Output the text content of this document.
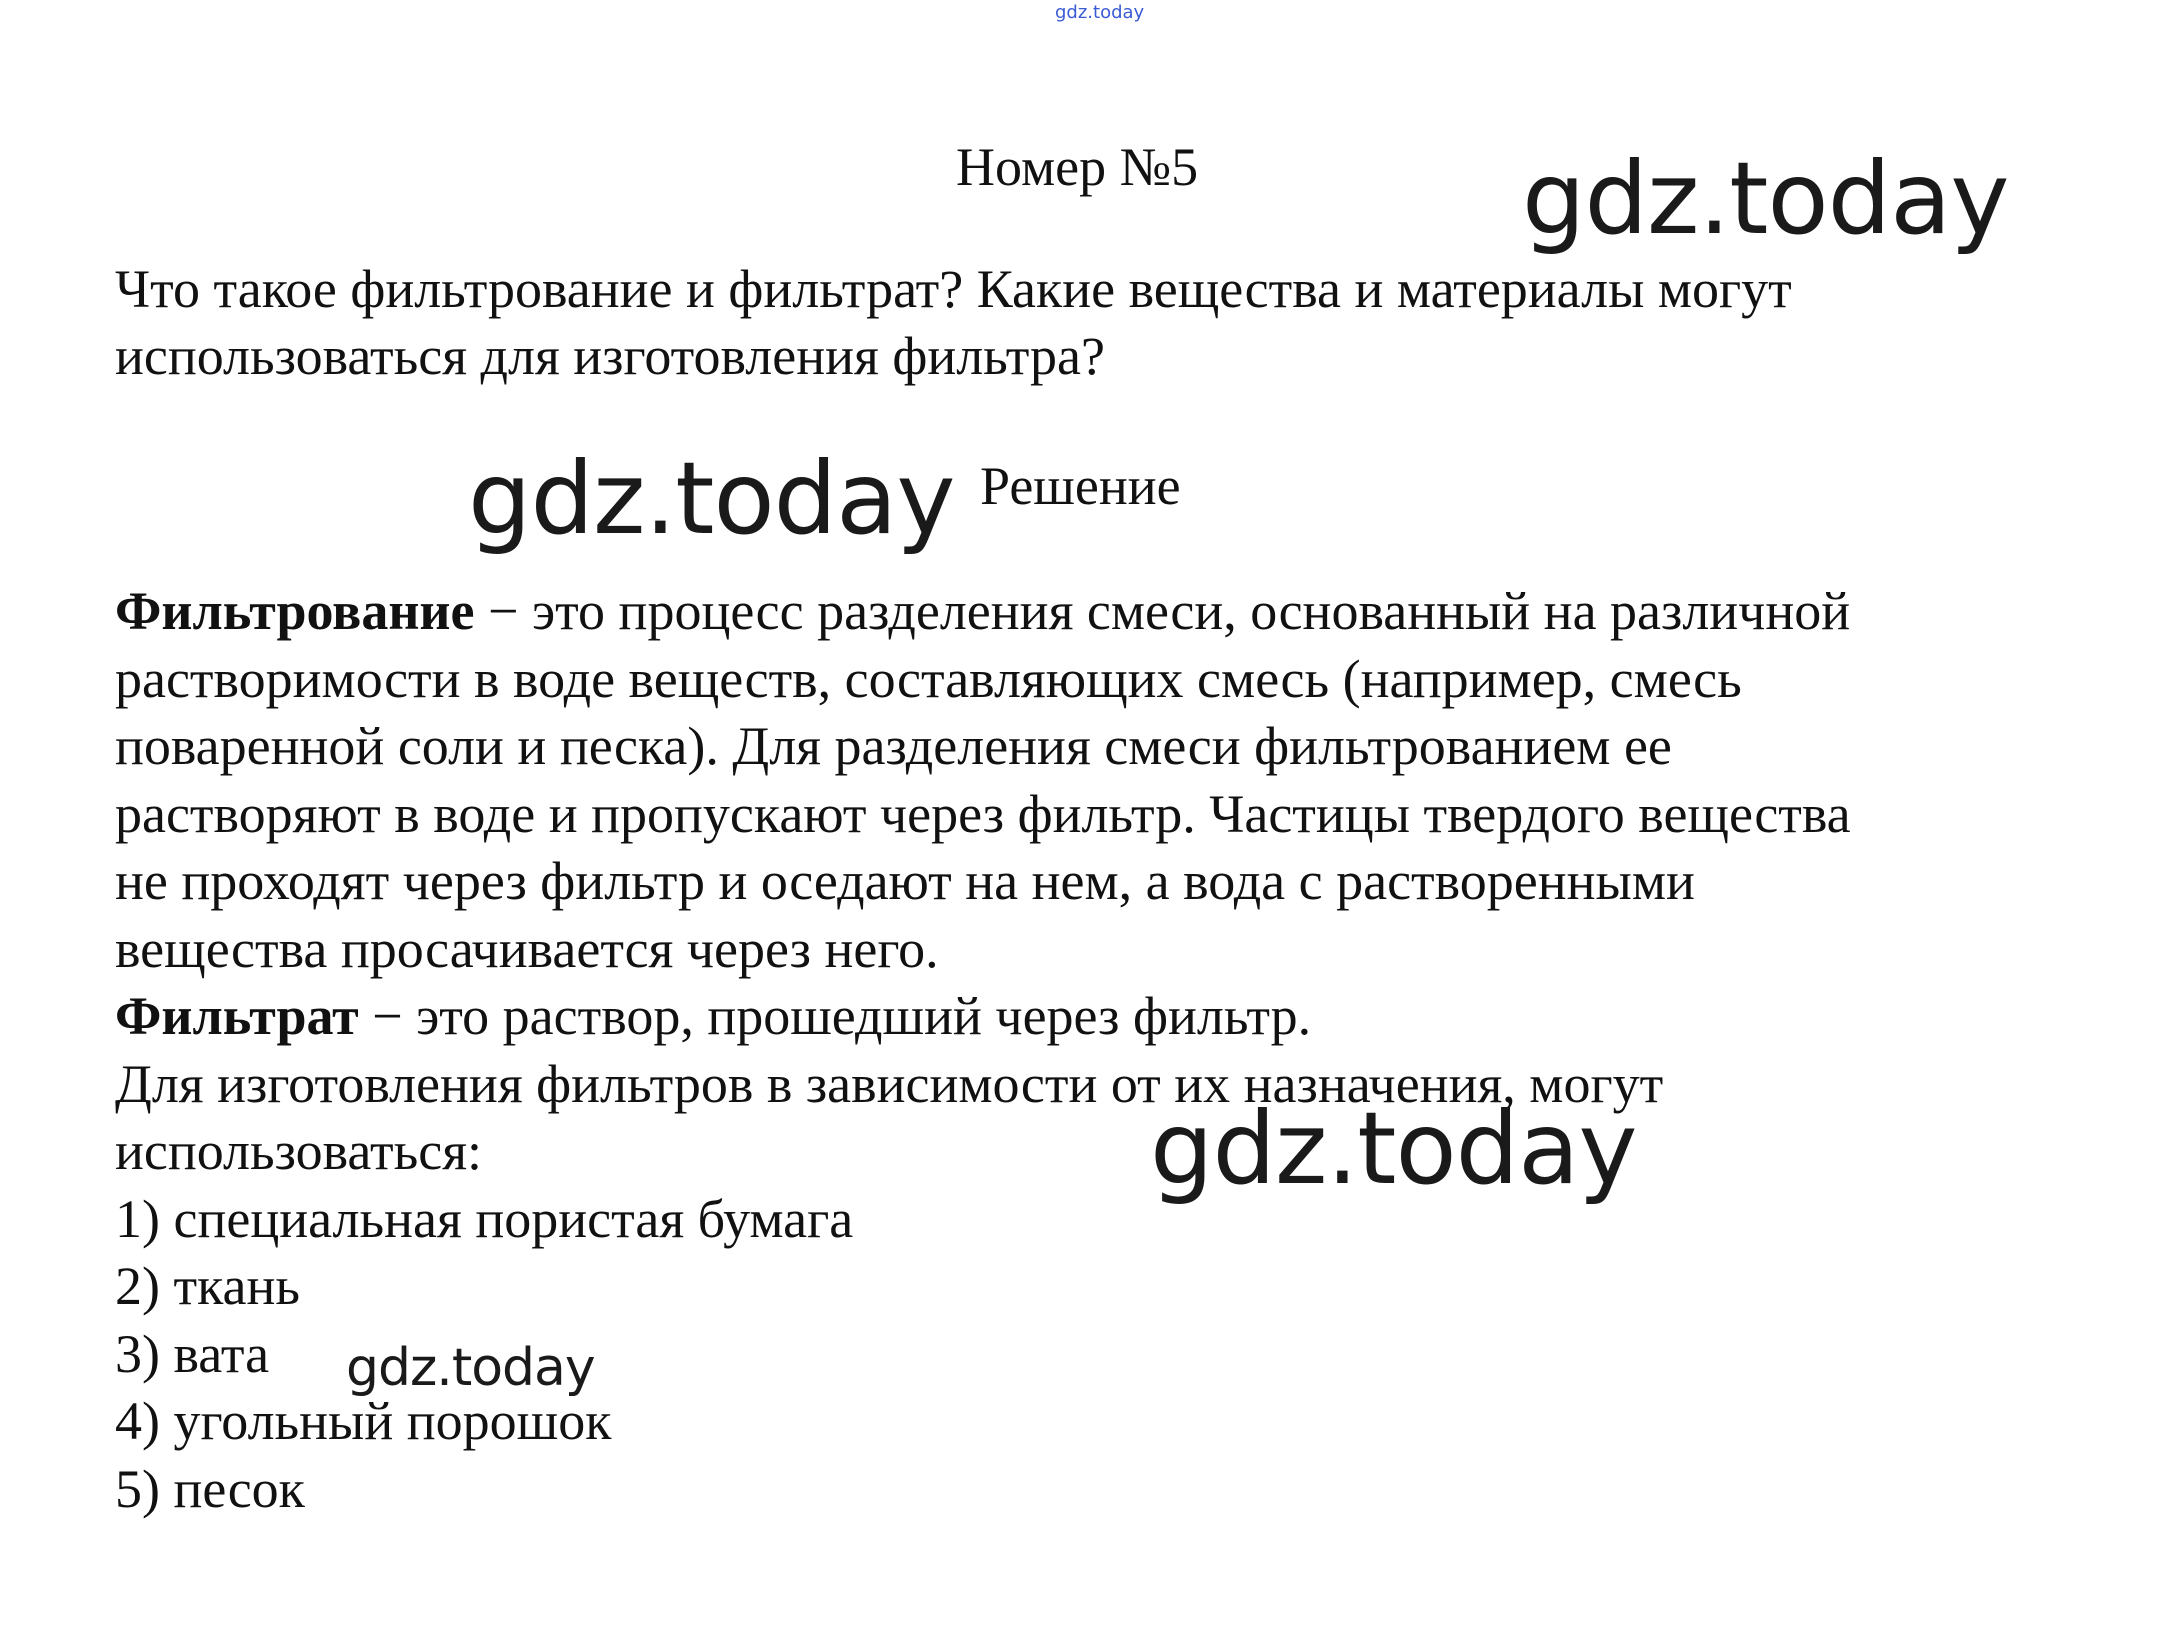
gdz.today
Номер №5
Что такое фильтрование и фильтрат? Какие вещества и материалы могут
использоваться для изготовления фильтра?
Решение
Фильтрование − это процесс разделения смеси, основанный на различной
растворимости в воде веществ, составляющих смесь (например, смесь
поваренной соли и песка). Для разделения смеси фильтрованием ее
растворяют в воде и пропускают через фильтр. Частицы твердого вещества
не проходят через фильтр и оседают на нем, а вода с растворенными
вещества просачивается через него.
Фильтрат − это раствор, прошедший через фильтр.
Для изготовления фильтров в зависимости от их назначения, могут
использоваться:
1) специальная пористая бумага
2) ткань
3) вата
4) угольный порошок
5) песок
gdz.today
gdz.today
gdz.today
gdz.today
